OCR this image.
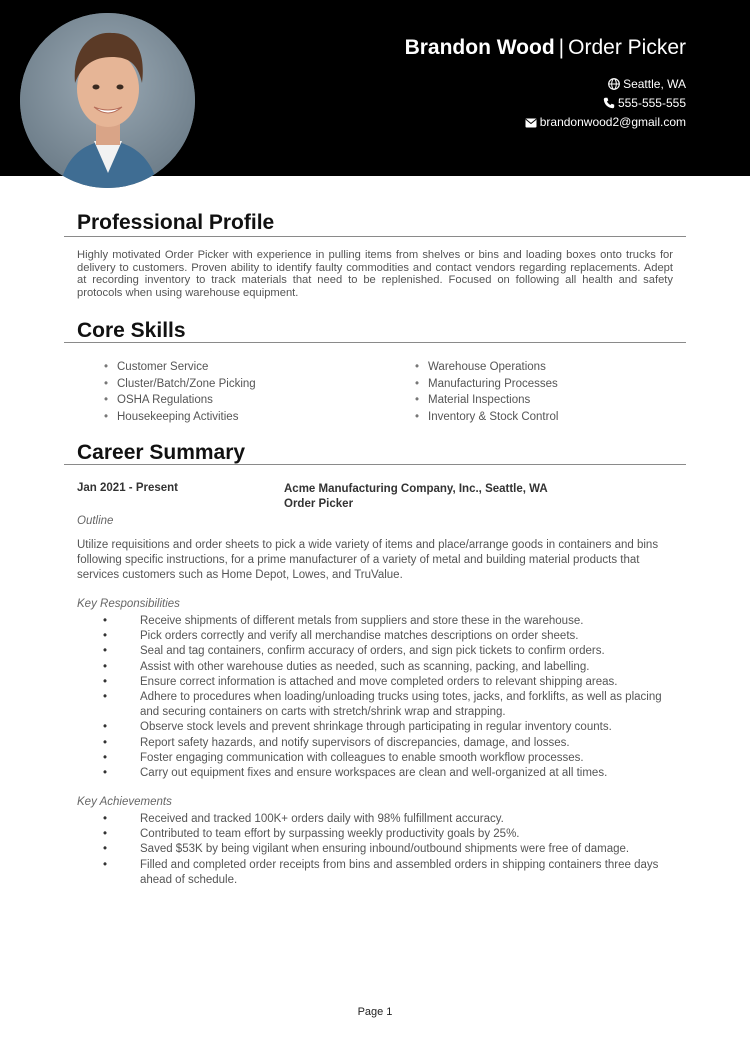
Brandon Wood | Order Picker
Seattle, WA
555-555-555
brandonwood2@gmail.com
Professional Profile
Highly motivated Order Picker with experience in pulling items from shelves or bins and loading boxes onto trucks for delivery to customers. Proven ability to identify faulty commodities and contact vendors regarding replacements. Adept at recording inventory to track materials that need to be replenished. Focused on following all health and safety protocols when using warehouse equipment.
Core Skills
• Customer Service
• Cluster/Batch/Zone Picking
• OSHA Regulations
• Housekeeping Activities
• Warehouse Operations
• Manufacturing Processes
• Material Inspections
• Inventory & Stock Control
Career Summary
Jan 2021 - Present	Acme Manufacturing Company, Inc., Seattle, WA
Order Picker
Outline
Utilize requisitions and order sheets to pick a wide variety of items and place/arrange goods in containers and bins following specific instructions, for a prime manufacturer of a variety of metal and building material products that services customers such as Home Depot, Lowes, and TruValue.
Key Responsibilities
• Receive shipments of different metals from suppliers and store these in the warehouse.
• Pick orders correctly and verify all merchandise matches descriptions on order sheets.
• Seal and tag containers, confirm accuracy of orders, and sign pick tickets to confirm orders.
• Assist with other warehouse duties as needed, such as scanning, packing, and labelling.
• Ensure correct information is attached and move completed orders to relevant shipping areas.
• Adhere to procedures when loading/unloading trucks using totes, jacks, and forklifts, as well as placing and securing containers on carts with stretch/shrink wrap and strapping.
• Observe stock levels and prevent shrinkage through participating in regular inventory counts.
• Report safety hazards, and notify supervisors of discrepancies, damage, and losses.
• Foster engaging communication with colleagues to enable smooth workflow processes.
• Carry out equipment fixes and ensure workspaces are clean and well-organized at all times.
Key Achievements
• Received and tracked 100K+ orders daily with 98% fulfillment accuracy.
• Contributed to team effort by surpassing weekly productivity goals by 25%.
• Saved $53K by being vigilant when ensuring inbound/outbound shipments were free of damage.
• Filled and completed order receipts from bins and assembled orders in shipping containers three days ahead of schedule.
Page 1
